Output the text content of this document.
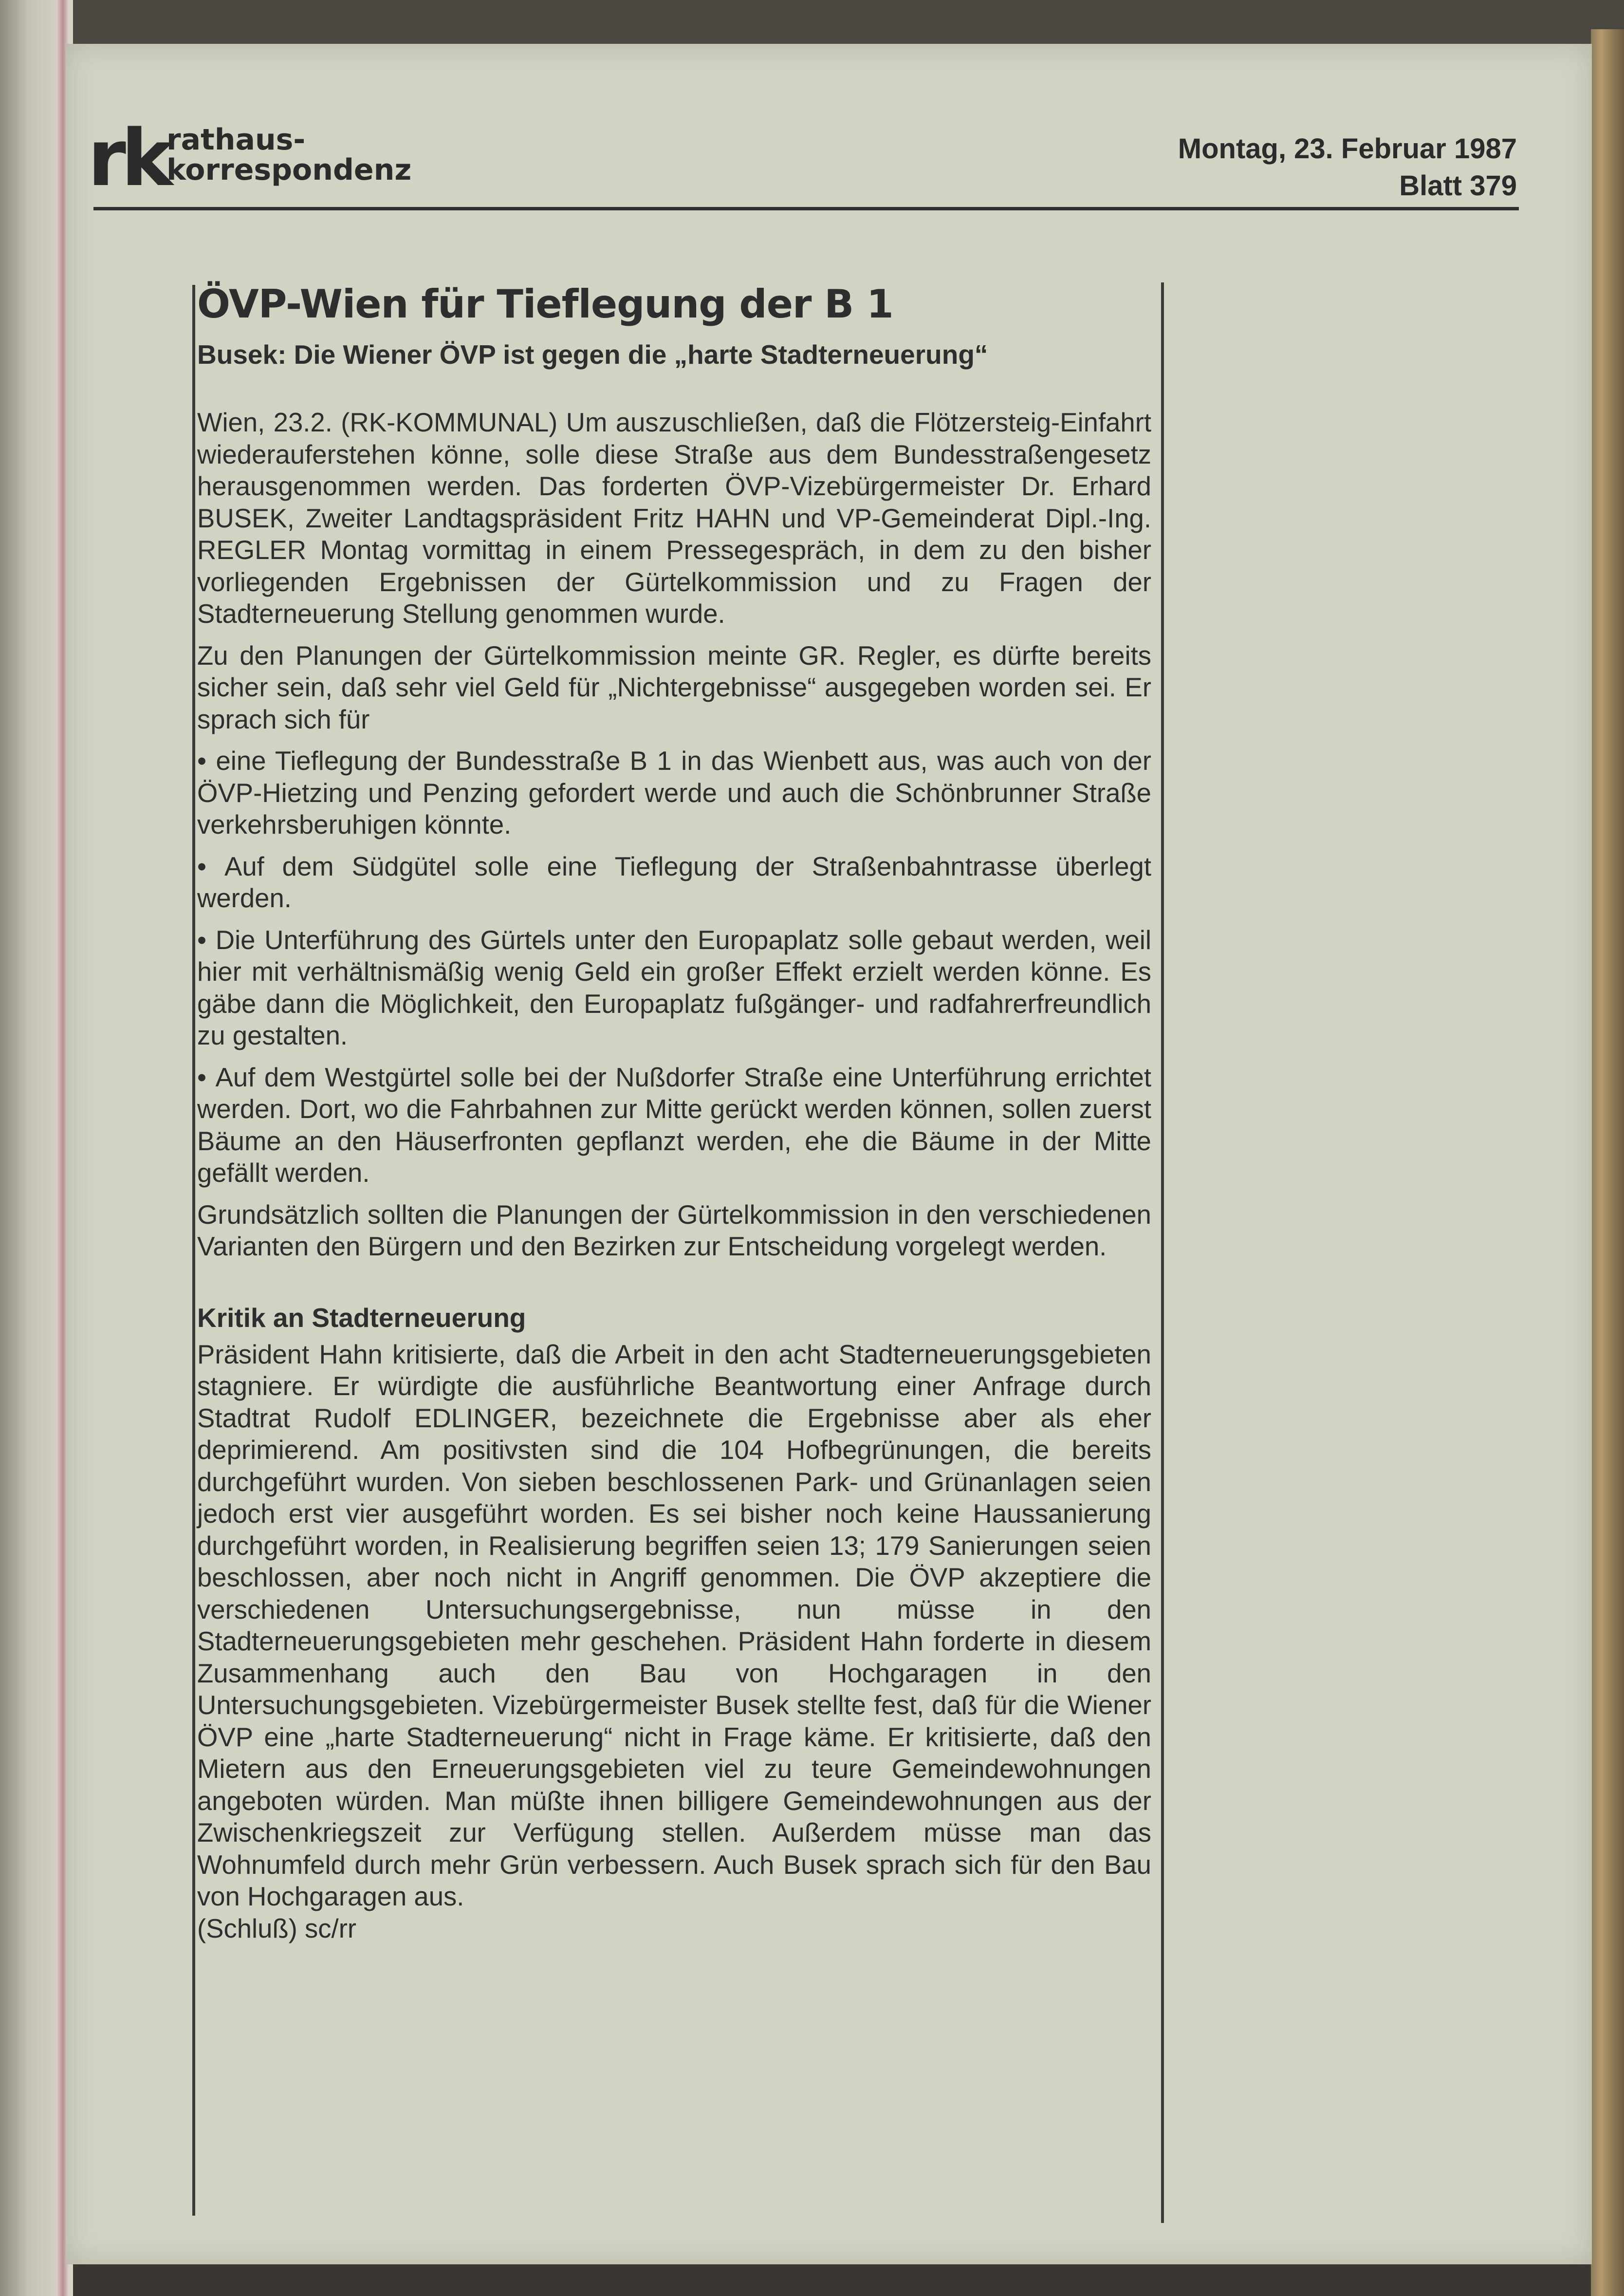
rk
rathaus-
korrespondenz
Montag, 23. Februar 1987
Blatt 379
ÖVP-Wien für Tieflegung der B 1

Busek: Die Wiener ÖVP ist gegen die „harte Stadterneuerung“

Wien, 23.2. (RK-KOMMUNAL) Um auszuschließen, daß die Flötzersteig-Einfahrt wiederauferstehen könne, solle diese Straße aus dem Bundesstraßengesetz herausgenommen werden. Das forderten ÖVP-Vizebürgermeister Dr. Erhard BUSEK, Zweiter Landtagspräsident Fritz HAHN und VP-Gemeinderat Dipl.-Ing. REGLER Montag vormittag in einem Pressegespräch, in dem zu den bisher vorliegenden Ergebnissen der Gürtelkommission und zu Fragen der Stadterneuerung Stellung genommen wurde.

Zu den Planungen der Gürtelkommission meinte GR. Regler, es dürfte bereits sicher sein, daß sehr viel Geld für „Nichtergebnisse“ ausgegeben worden sei. Er sprach sich für

• eine Tieflegung der Bundesstraße B 1 in das Wienbett aus, was auch von der ÖVP-Hietzing und Penzing gefordert werde und auch die Schönbrunner Straße verkehrsberuhigen könnte.

• Auf dem Südgütel solle eine Tieflegung der Straßenbahntrasse überlegt werden.

• Die Unterführung des Gürtels unter den Europaplatz solle gebaut werden, weil hier mit verhältnismäßig wenig Geld ein großer Effekt erzielt werden könne. Es gäbe dann die Möglichkeit, den Europaplatz fußgänger- und radfahrerfreundlich zu gestalten.

• Auf dem Westgürtel solle bei der Nußdorfer Straße eine Unterführung errichtet werden. Dort, wo die Fahrbahnen zur Mitte gerückt werden können, sollen zuerst Bäume an den Häuserfronten gepflanzt werden, ehe die Bäume in der Mitte gefällt werden.

Grundsätzlich sollten die Planungen der Gürtelkommission in den verschiedenen Varianten den Bürgern und den Bezirken zur Entscheidung vorgelegt werden.

Kritik an Stadterneuerung

Präsident Hahn kritisierte, daß die Arbeit in den acht Stadterneuerungsgebieten stagniere. Er würdigte die ausführliche Beantwortung einer Anfrage durch Stadtrat Rudolf EDLINGER, bezeichnete die Ergebnisse aber als eher deprimierend. Am positivsten sind die 104 Hofbegrünungen, die bereits durchgeführt wurden. Von sieben beschlossenen Park- und Grünanlagen seien jedoch erst vier ausgeführt worden. Es sei bisher noch keine Haussanierung durchgeführt worden, in Realisierung begriffen seien 13; 179 Sanierungen seien beschlossen, aber noch nicht in Angriff genommen. Die ÖVP akzeptiere die verschiedenen Untersuchungsergebnisse, nun müsse in den Stadterneuerungsgebieten mehr geschehen. Präsident Hahn forderte in diesem Zusammenhang auch den Bau von Hochgaragen in den Untersuchungsgebieten. Vizebürgermeister Busek stellte fest, daß für die Wiener ÖVP eine „harte Stadterneuerung“ nicht in Frage käme. Er kritisierte, daß den Mietern aus den Erneuerungsgebieten viel zu teure Gemeindewohnungen angeboten würden. Man müßte ihnen billigere Gemeindewohnungen aus der Zwischenkriegszeit zur Verfügung stellen. Außerdem müsse man das Wohnumfeld durch mehr Grün verbessern. Auch Busek sprach sich für den Bau von Hochgaragen aus.

(Schluß) sc/rr
